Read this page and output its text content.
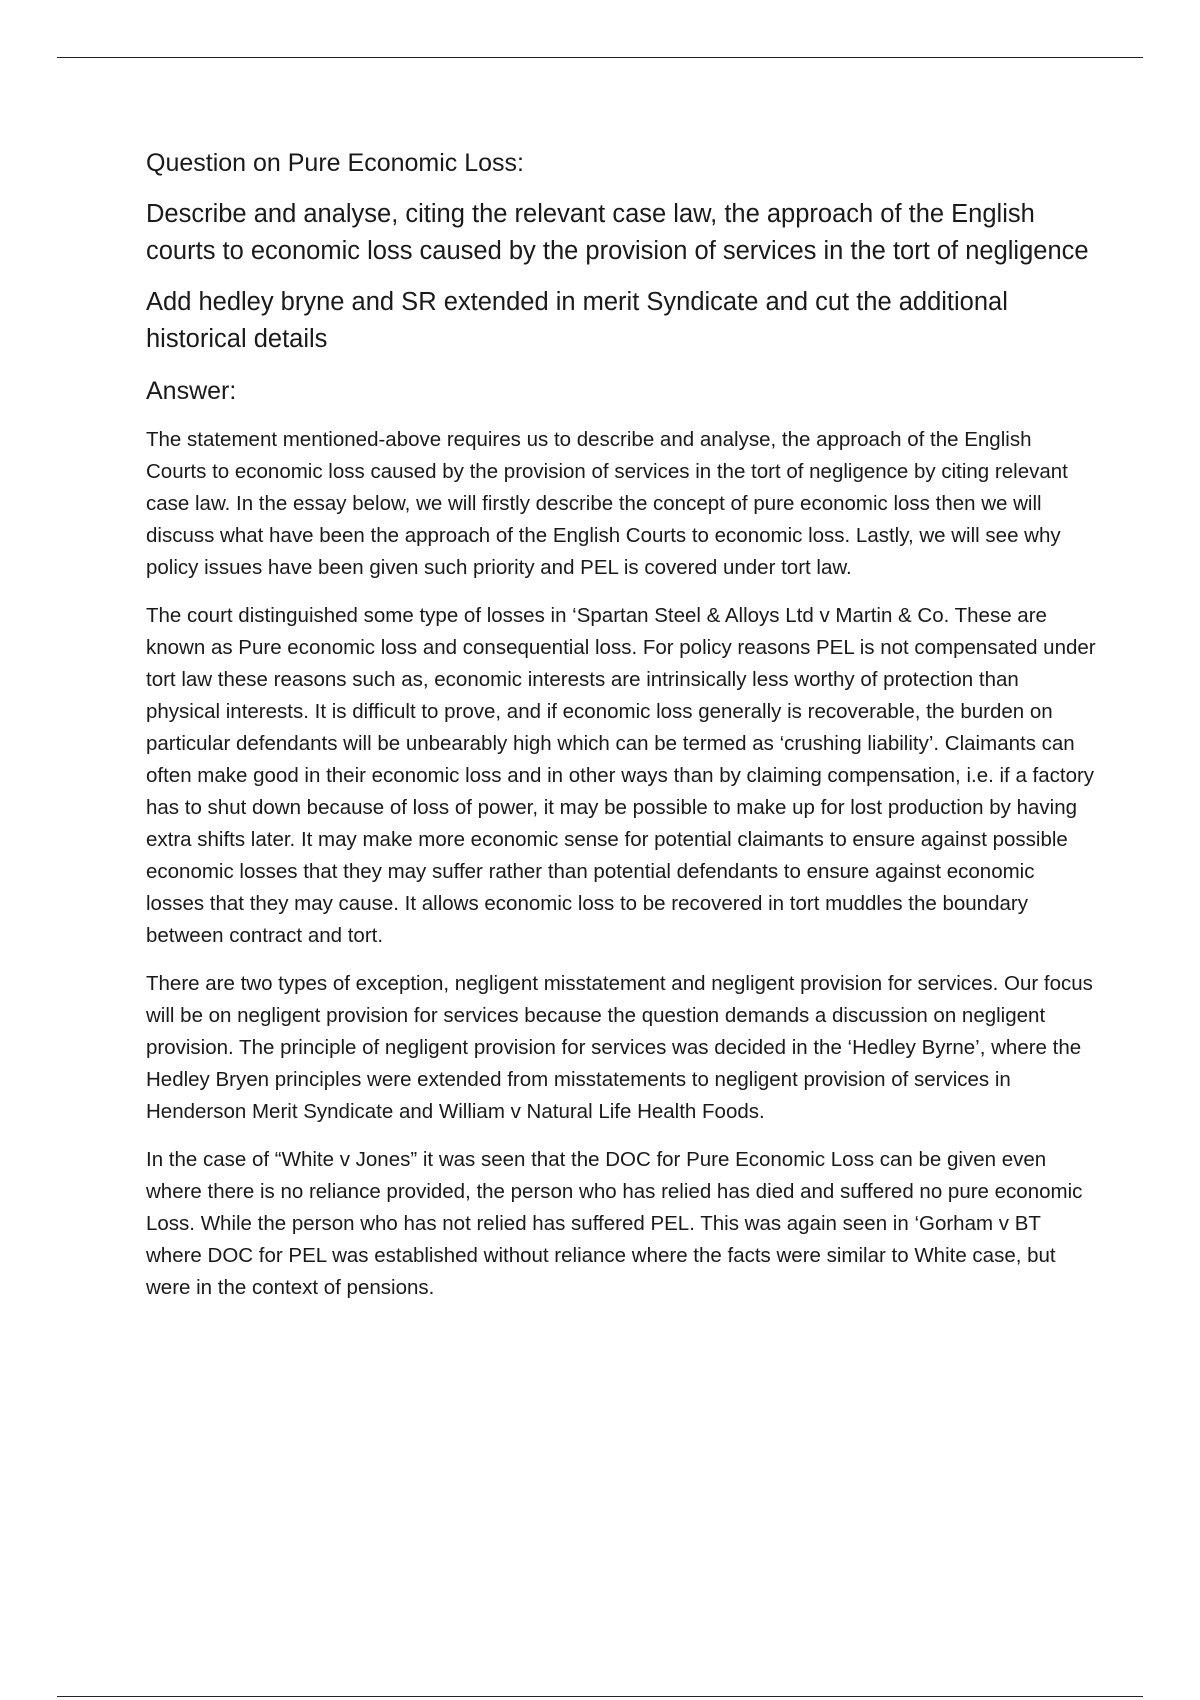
Question on Pure Economic Loss:

Describe and analyse, citing the relevant case law, the approach of the English courts to economic loss caused by the provision of services in the tort of negligence

Add hedley bryne and SR extended in merit Syndicate and cut the additional historical details

Answer:

The statement mentioned-above requires us to describe and analyse, the approach of the English Courts to economic loss caused by the provision of services in the tort of negligence by citing relevant case law. In the essay below, we will firstly describe the concept of pure economic loss then we will discuss what have been the approach of the English Courts to economic loss. Lastly, we will see why policy issues have been given such priority and PEL is covered under tort law.

The court distinguished some type of losses in ‘Spartan Steel & Alloys Ltd v Martin & Co. These are known as Pure economic loss and consequential loss. For policy reasons PEL is not compensated under tort law these reasons such as, economic interests are intrinsically less worthy of protection than physical interests. It is difficult to prove, and if economic loss generally is recoverable, the burden on particular defendants will be unbearably high which can be termed as ‘crushing liability’. Claimants can often make good in their economic loss and in other ways than by claiming compensation, i.e. if a factory has to shut down because of loss of power, it may be possible to make up for lost production by having extra shifts later. It may make more economic sense for potential claimants to ensure against possible economic losses that they may suffer rather than potential defendants to ensure against economic losses that they may cause. It allows economic loss to be recovered in tort muddles the boundary between contract and tort.

There are two types of exception, negligent misstatement and negligent provision for services. Our focus will be on negligent provision for services because the question demands a discussion on negligent provision. The principle of negligent provision for services was decided in the ‘Hedley Byrne’, where the Hedley Bryen principles were extended from misstatements to negligent provision of services in Henderson Merit Syndicate and William v Natural Life Health Foods.

In the case of “White v Jones” it was seen that the DOC for Pure Economic Loss can be given even where there is no reliance provided, the person who has relied has died and suffered no pure economic Loss. While the person who has not relied has suffered PEL. This was again seen in ‘Gorham v BT where DOC for PEL was established without reliance where the facts were similar to White case, but were in the context of pensions.
